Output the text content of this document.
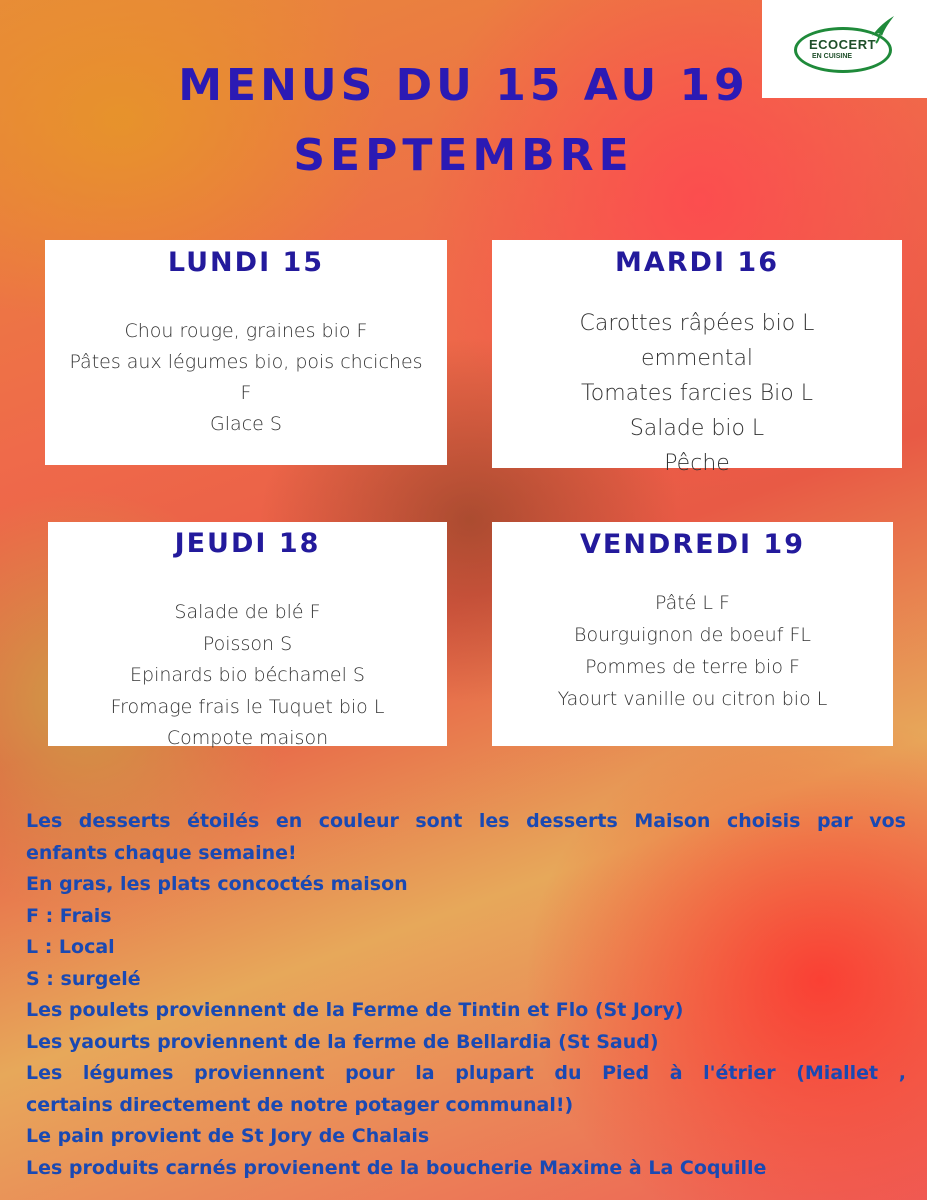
MENUS DU 15 AU 19
SEPTEMBRE
ECOCERT
EN CUISINE
LUNDI 15
Chou rouge, graines bio F
Pâtes aux légumes bio, pois chciches F
Glace S
MARDI 16
Carottes râpées bio L
emmental
Tomates farcies Bio L
Salade bio L
Pêche
JEUDI 18
Salade de blé F
Poisson S
Epinards bio béchamel S
Fromage frais le Tuquet bio L
Compote maison
VENDREDI 19
Pâté L F
Bourguignon de boeuf FL
Pommes de terre bio F
Yaourt vanille ou citron bio L
Les desserts étoilés en couleur sont les desserts Maison choisis par vos
enfants chaque semaine!
En gras, les plats concoctés maison
F : Frais
L : Local
S : surgelé
Les poulets proviennent de la Ferme de Tintin et Flo (St Jory)
Les yaourts proviennent de la ferme de Bellardia (St Saud)
Les légumes proviennent pour la plupart du Pied à l'étrier (Miallet ,
certains directement de notre potager communal!)
Le pain provient de St Jory de Chalais
Les produits carnés provienent de la boucherie Maxime à La Coquille
